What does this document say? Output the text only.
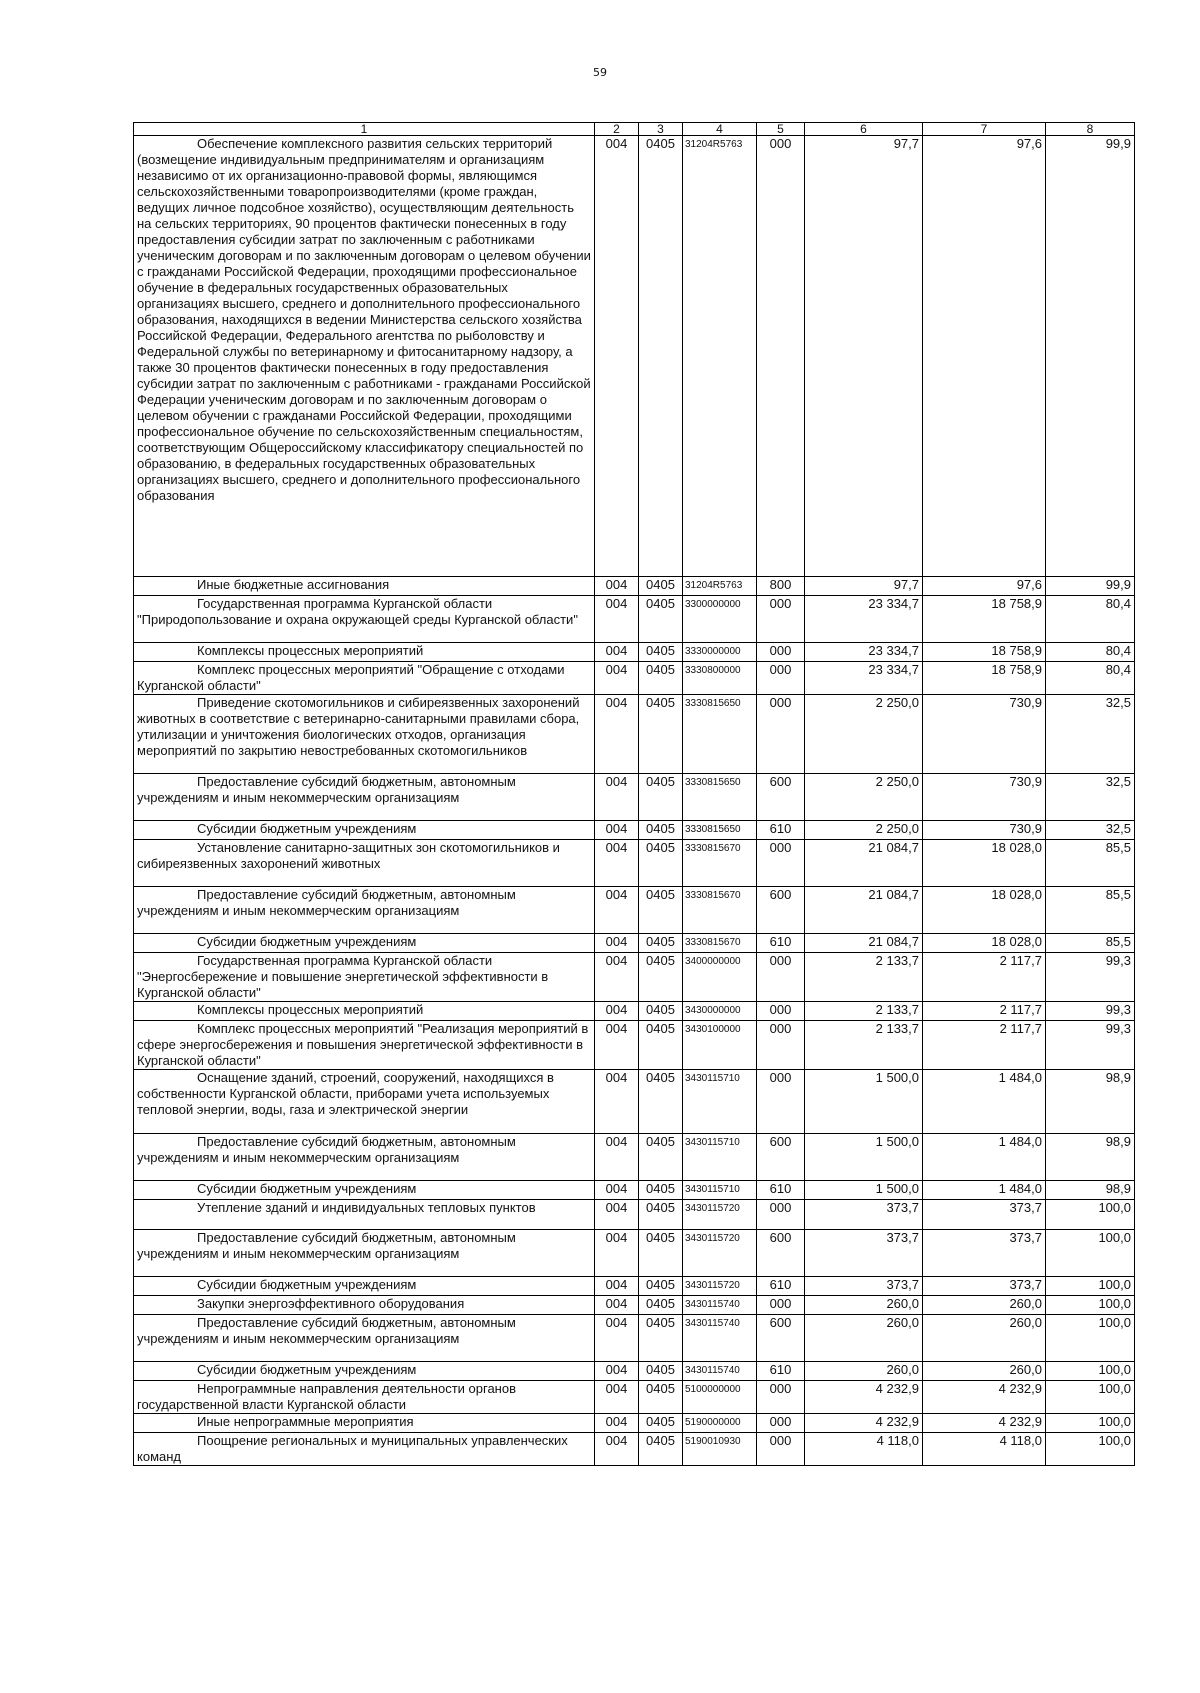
59
1	2	3	4	5	6	7	8

Обеспечение комплексного развития сельских территорий (возмещение индивидуальным предпринимателям и организациям независимо от их организационно-правовой формы, являющимся сельскохозяйственными товаропроизводителями (кроме граждан, ведущих личное подсобное хозяйство), осуществляющим деятельность на сельских территориях, 90 процентов фактически понесенных в году предоставления субсидии затрат по заключенным с работниками ученическим договорам и по заключенным договорам о целевом обучении с гражданами Российской Федерации, проходящими профессиональное обучение в федеральных государственных образовательных организациях высшего, среднего и дополнительного профессионального образования, находящихся в ведении Министерства сельского хозяйства Российской Федерации, Федерального агентства по рыболовству и Федеральной службы по ветеринарному и фитосанитарному надзору, а также 30 процентов фактически понесенных в году предоставления субсидии затрат по заключенным с работниками - гражданами Российской Федерации ученическим договорам и по заключенным договорам о целевом обучении с гражданами Российской Федерации, проходящими профессиональное обучение по сельскохозяйственным специальностям, соответствующим Общероссийскому классификатору специальностей по образованию, в федеральных государственных образовательных организациях высшего, среднего и дополнительного профессионального образования	004	0405	31204R5763	000	97,7	97,6	99,9

Иные бюджетные ассигнования	004	0405	31204R5763	800	97,7	97,6	99,9

Государственная программа Курганской области "Природопользование и охрана окружающей среды Курганской области"	004	0405	3300000000	000	23 334,7	18 758,9	80,4

Комплексы процессных мероприятий	004	0405	3330000000	000	23 334,7	18 758,9	80,4

Комплекс процессных мероприятий "Обращение с отходами Курганской области"	004	0405	3330800000	000	23 334,7	18 758,9	80,4

Приведение скотомогильников и сибиреязвенных захоронений животных в соответствие с ветеринарно-санитарными правилами сбора, утилизации и уничтожения биологических отходов, организация мероприятий по закрытию невостребованных скотомогильников	004	0405	3330815650	000	2 250,0	730,9	32,5

Предоставление субсидий бюджетным, автономным учреждениям и иным некоммерческим организациям	004	0405	3330815650	600	2 250,0	730,9	32,5

Субсидии бюджетным учреждениям	004	0405	3330815650	610	2 250,0	730,9	32,5

Установление санитарно-защитных зон скотомогильников и сибиреязвенных захоронений животных	004	0405	3330815670	000	21 084,7	18 028,0	85,5

Предоставление субсидий бюджетным, автономным учреждениям и иным некоммерческим организациям	004	0405	3330815670	600	21 084,7	18 028,0	85,5

Субсидии бюджетным учреждениям	004	0405	3330815670	610	21 084,7	18 028,0	85,5

Государственная программа Курганской области "Энергосбережение и повышение энергетической эффективности в Курганской области"	004	0405	3400000000	000	2 133,7	2 117,7	99,3

Комплексы процессных мероприятий	004	0405	3430000000	000	2 133,7	2 117,7	99,3

Комплекс процессных мероприятий "Реализация мероприятий в сфере энергосбережения и повышения энергетической эффективности в Курганской области"	004	0405	3430100000	000	2 133,7	2 117,7	99,3

Оснащение зданий, строений, сооружений, находящихся в собственности Курганской области, приборами учета используемых тепловой энергии, воды, газа и электрической энергии	004	0405	3430115710	000	1 500,0	1 484,0	98,9

Предоставление субсидий бюджетным, автономным учреждениям и иным некоммерческим организациям	004	0405	3430115710	600	1 500,0	1 484,0	98,9

Субсидии бюджетным учреждениям	004	0405	3430115710	610	1 500,0	1 484,0	98,9

Утепление зданий и индивидуальных тепловых пунктов	004	0405	3430115720	000	373,7	373,7	100,0

Предоставление субсидий бюджетным, автономным учреждениям и иным некоммерческим организациям	004	0405	3430115720	600	373,7	373,7	100,0

Субсидии бюджетным учреждениям	004	0405	3430115720	610	373,7	373,7	100,0

Закупки энергоэффективного оборудования	004	0405	3430115740	000	260,0	260,0	100,0

Предоставление субсидий бюджетным, автономным учреждениям и иным некоммерческим организациям	004	0405	3430115740	600	260,0	260,0	100,0

Субсидии бюджетным учреждениям	004	0405	3430115740	610	260,0	260,0	100,0

Непрограммные направления деятельности органов государственной власти Курганской области	004	0405	5100000000	000	4 232,9	4 232,9	100,0

Иные непрограммные мероприятия	004	0405	5190000000	000	4 232,9	4 232,9	100,0

Поощрение региональных и муниципальных управленческих команд	004	0405	5190010930	000	4 118,0	4 118,0	100,0
